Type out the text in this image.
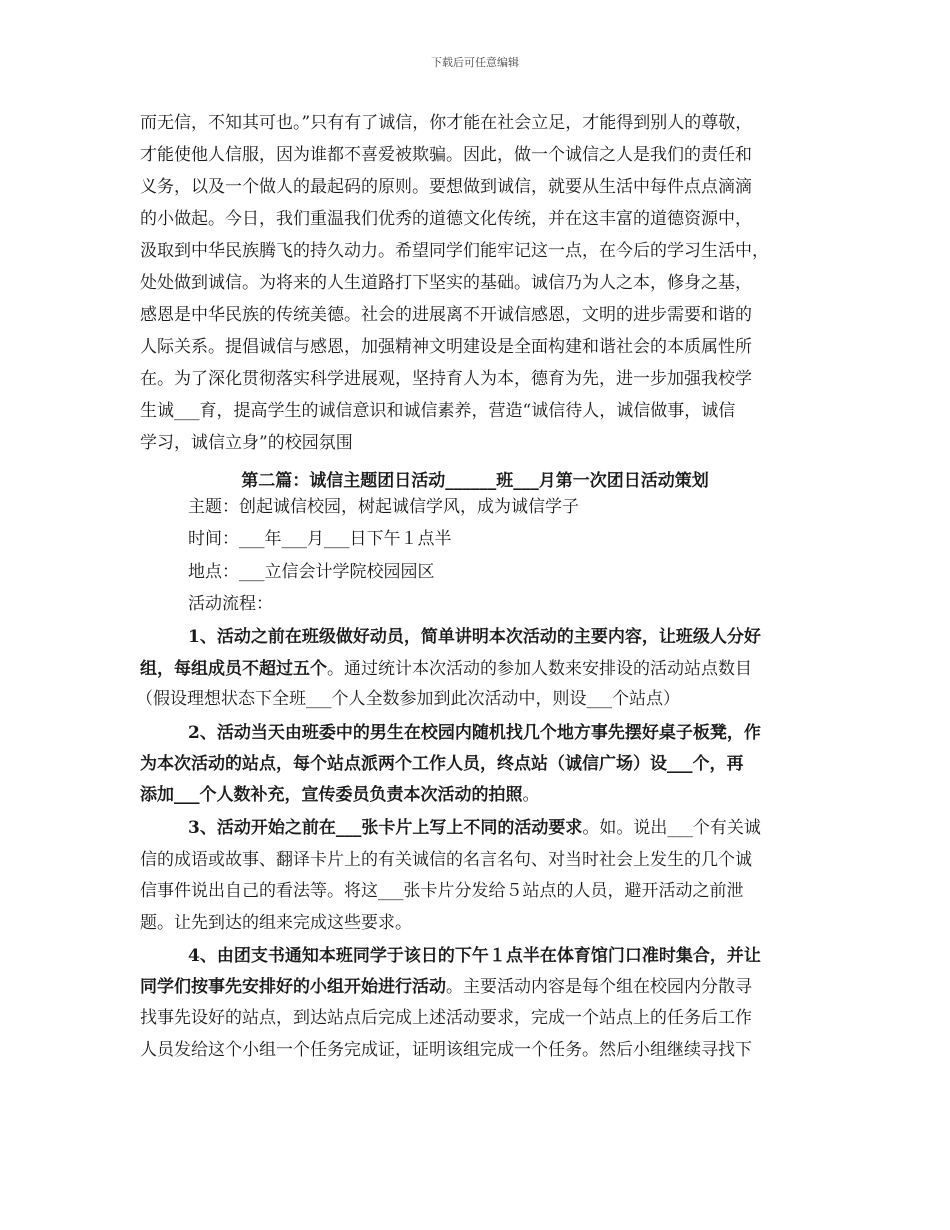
下载后可任意编辑
而无信，不知其可也。”只有有了诚信，你才能在社会立足，才能得到别人的尊敬，
才能使他人信服，因为谁都不喜爱被欺骗。因此，做一个诚信之人是我们的责任和
义务，以及一个做人的最起码的原则。要想做到诚信，就要从生活中每件点点滴滴
的小做起。今日，我们重温我们优秀的道德文化传统，并在这丰富的道德资源中，
汲取到中华民族腾飞的持久动力。希望同学们能牢记这一点，在今后的学习生活中，
处处做到诚信。为将来的人生道路打下坚实的基础。诚信乃为人之本，修身之基，
感恩是中华民族的传统美德。社会的进展离不开诚信感恩，文明的进步需要和谐的
人际关系。提倡诚信与感恩，加强精神文明建设是全面构建和谐社会的本质属性所
在。为了深化贯彻落实科学进展观，坚持育人为本，德育为先，进一步加强我校学
生诚___育，提高学生的诚信意识和诚信素养，营造“诚信待人，诚信做事，诚信
学习，诚信立身”的校园氛围
第二篇：诚信主题团日活动______班___月第一次团日活动策划
主题：创起诚信校园，树起诚信学风，成为诚信学子
时间：___年___月___日下午１点半
地点：___立信会计学院校园园区
活动流程：
1、活动之前在班级做好动员，简单讲明本次活动的主要内容，让班级人分好
组，每组成员不超过五个。通过统计本次活动的参加人数来安排设的活动站点数目
（假设理想状态下全班___个人全数参加到此次活动中，则设___个站点）
2、活动当天由班委中的男生在校园内随机找几个地方事先摆好桌子板凳，作
为本次活动的站点，每个站点派两个工作人员，终点站（诚信广场）设___个，再
添加___个人数补充，宣传委员负责本次活动的拍照。
3、活动开始之前在___张卡片上写上不同的活动要求。如。说出___个有关诚
信的成语或故事、翻译卡片上的有关诚信的名言名句、对当时社会上发生的几个诚
信事件说出自己的看法等。将这___张卡片分发给５站点的人员，避开活动之前泄
题。让先到达的组来完成这些要求。
4、由团支书通知本班同学于该日的下午１点半在体育馆门口准时集合，并让
同学们按事先安排好的小组开始进行活动。主要活动内容是每个组在校园内分散寻
找事先设好的站点，到达站点后完成上述活动要求，完成一个站点上的任务后工作
人员发给这个小组一个任务完成证，证明该组完成一个任务。然后小组继续寻找下
